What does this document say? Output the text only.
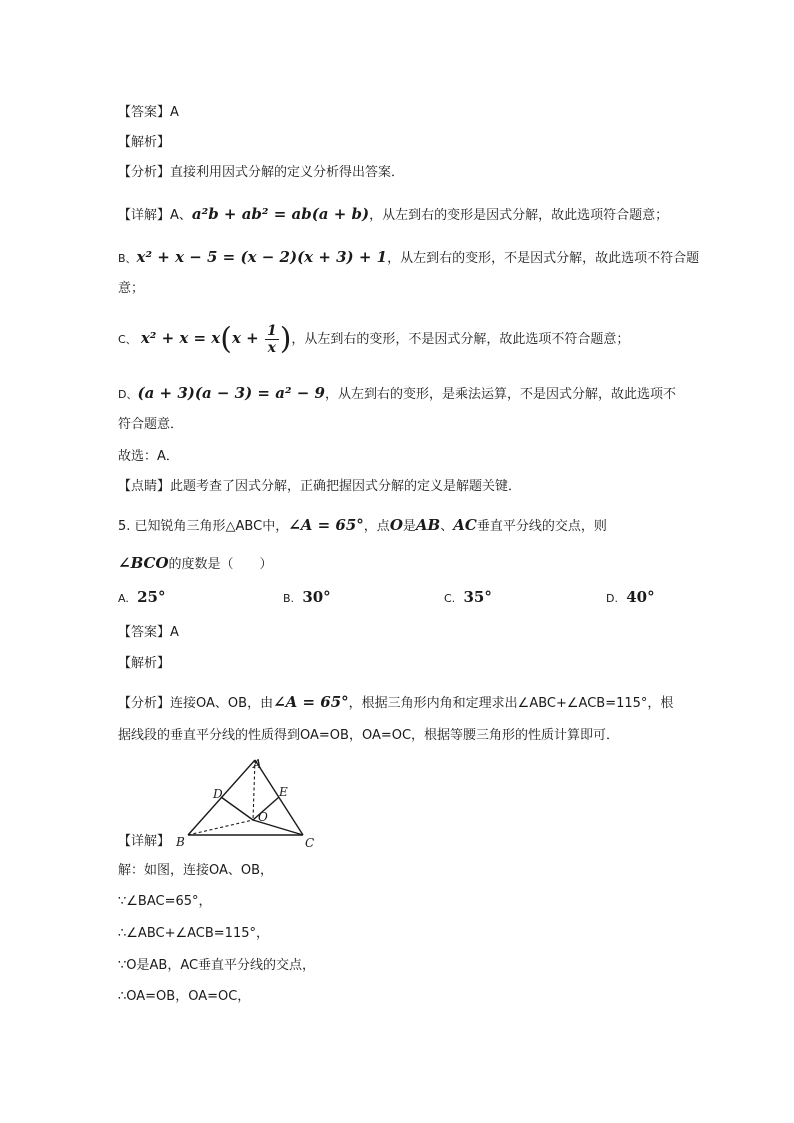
【答案】A
【解析】
【分析】直接利用因式分解的定义分析得出答案．
【详解】A、a²b + ab² = ab(a + b)，从左到右的变形是因式分解，故此选项符合题意；
B、x² + x − 5 = (x − 2)(x + 3) + 1，从左到右的变形，不是因式分解，故此选项不符合题
意；
C、 $x^2 + x = x(x + \frac{1}{x}$ )，从左到右的变形，不是因式分解，故此选项不符合题意；
D、(a + 3)(a − 3) = a² − 9，从左到右的变形，是乘法运算，不是因式分解，故此选项不
符合题意．
故选：A．
【点睛】此题考查了因式分解，正确把握因式分解的定义是解题关键．
5. 已知锐角三角形△ABC中，∠A = 65°，点O是AB、AC垂直平分线的交点，则
∠BCO的度数是（　　）
A. 25°	B. 30°	C. 35°	D. 40°
【答案】A
【解析】
【分析】连接OA、OB，由∠A = 65°，根据三角形内角和定理求出∠ABC+∠ACB=115°，根
据线段的垂直平分线的性质得到OA=OB，OA=OC，根据等腰三角形的性质计算即可．
A
B	C
D	E
O
【详解】
解：如图，连接OA、OB，
∵∠BAC=65°，
∴∠ABC+∠ACB=115°，
∵O是AB，AC垂直平分线的交点，
∴OA=OB，OA=OC，
